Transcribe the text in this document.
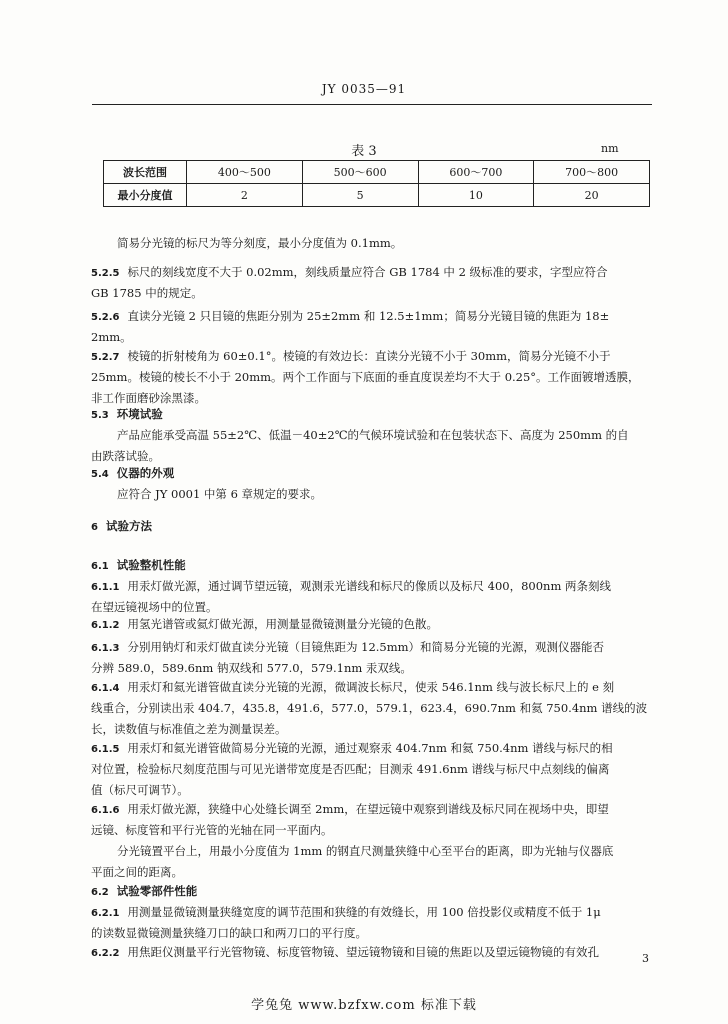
JY 0035—91
表 3	nm
波长范围	400～500	500～600	600～700	700～800
最小分度值	2	5	10	20
简易分光镜的标尺为等分刻度，最小分度值为 0.1mm。
5.2.5 标尺的刻线宽度不大于 0.02mm，刻线质量应符合 GB 1784 中 2 级标准的要求，字型应符合
GB 1785 中的规定。
5.2.6 直读分光镜 2 只目镜的焦距分别为 25±2mm 和 12.5±1mm；简易分光镜目镜的焦距为 18±
2mm。
5.2.7 棱镜的折射棱角为 60±0.1°。棱镜的有效边长：直读分光镜不小于 30mm，简易分光镜不小于
25mm。棱镜的棱长不小于 20mm。两个工作面与下底面的垂直度误差均不大于 0.25°。工作面镀增透膜，
非工作面磨砂涂黑漆。
5.3 环境试验
产品应能承受高温 55±2℃、低温－40±2℃的气候环境试验和在包装状态下、高度为 250mm 的自
由跌落试验。
5.4 仪器的外观
应符合 JY 0001 中第 6 章规定的要求。
6 试验方法
6.1 试验整机性能
6.1.1 用汞灯做光源，通过调节望远镜，观测汞光谱线和标尺的像质以及标尺 400，800nm 两条刻线
在望远镜视场中的位置。
6.1.2 用氢光谱管或氦灯做光源，用测量显微镜测量分光镜的色散。
6.1.3 分别用钠灯和汞灯做直读分光镜（目镜焦距为 12.5mm）和简易分光镜的光源，观测仪器能否
分辨 589.0，589.6nm 钠双线和 577.0，579.1nm 汞双线。
6.1.4 用汞灯和氦光谱管做直读分光镜的光源，微调波长标尺，使汞 546.1nm 线与波长标尺上的 e 刻
线重合，分别读出汞 404.7，435.8，491.6，577.0，579.1，623.4，690.7nm 和氦 750.4nm 谱线的波
长，读数值与标准值之差为测量误差。
6.1.5 用汞灯和氦光谱管做简易分光镜的光源，通过观察汞 404.7nm 和氦 750.4nm 谱线与标尺的相
对位置，检验标尺刻度范围与可见光谱带宽度是否匹配；目测汞 491.6nm 谱线与标尺中点刻线的偏离
值（标尺可调节）。
6.1.6 用汞灯做光源，狭缝中心处缝长调至 2mm，在望远镜中观察到谱线及标尺同在视场中央，即望
远镜、标度管和平行光管的光轴在同一平面内。
分光镜置平台上，用最小分度值为 1mm 的钢直尺测量狭缝中心至平台的距离，即为光轴与仪器底
平面之间的距离。
6.2 试验零部件性能
6.2.1 用测量显微镜测量狭缝宽度的调节范围和狭缝的有效缝长，用 100 倍投影仪或精度不低于 1μ
的读数显微镜测量狭缝刀口的缺口和两刀口的平行度。
6.2.2 用焦距仪测量平行光管物镜、标度管物镜、望远镜物镜和目镜的焦距以及望远镜物镜的有效孔	3
学兔兔 www.bzfxw.com 标准下载
